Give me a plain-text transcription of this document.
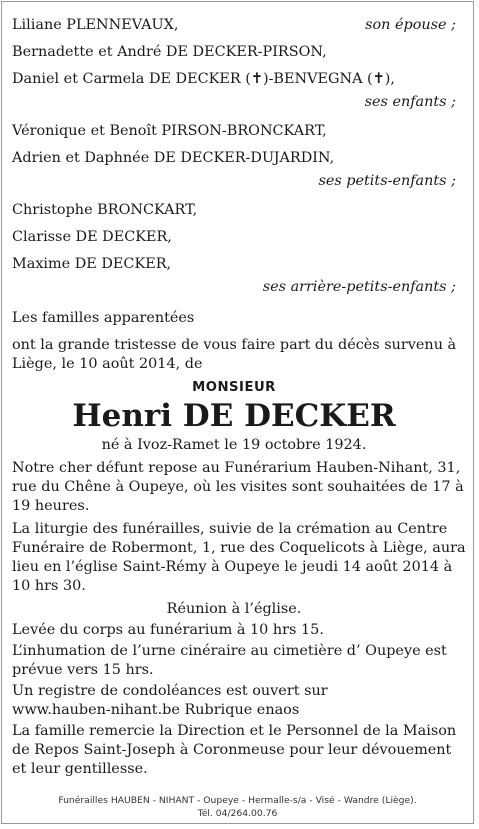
Liliane PLENNEVAUX,	son épouse ;
Bernadette et André DE DECKER-PIRSON,
Daniel et Carmela DE DECKER (✝)-BENVEGNA (✝),
ses enfants ;
Véronique et Benoît PIRSON-BRONCKART,
Adrien et Daphnée DE DECKER-DUJARDIN,
ses petits-enfants ;
Christophe BRONCKART,
Clarisse DE DECKER,
Maxime DE DECKER,
ses arrière-petits-enfants ;
Les familles apparentées
ont la grande tristesse de vous faire part du décès survenu à
Liège, le 10 août 2014, de
MONSIEUR
Henri DE DECKER
né à Ivoz-Ramet le 19 octobre 1924.
Notre cher défunt repose au Funérarium Hauben-Nihant, 31,
rue du Chêne à Oupeye, où les visites sont souhaitées de 17 à
19 heures.
La liturgie des funérailles, suivie de la crémation au Centre
Funéraire de Robermont, 1, rue des Coquelicots à Liège, aura
lieu en l’église Saint-Rémy à Oupeye le jeudi 14 août 2014 à
10 hrs 30.
Réunion à l’église.
Levée du corps au funérarium à 10 hrs 15.
L’inhumation de l’urne cinéraire au cimetière d’ Oupeye est
prévue vers 15 hrs.
Un registre de condoléances est ouvert sur
www.hauben-nihant.be Rubrique enaos
La famille remercie la Direction et le Personnel de la Maison
de Repos Saint-Joseph à Coronmeuse pour leur dévouement
et leur gentillesse.
Funérailles HAUBEN - NIHANT - Oupeye - Hermalle-s/a - Visé - Wandre (Liège).
Tél. 04/264.00.76
